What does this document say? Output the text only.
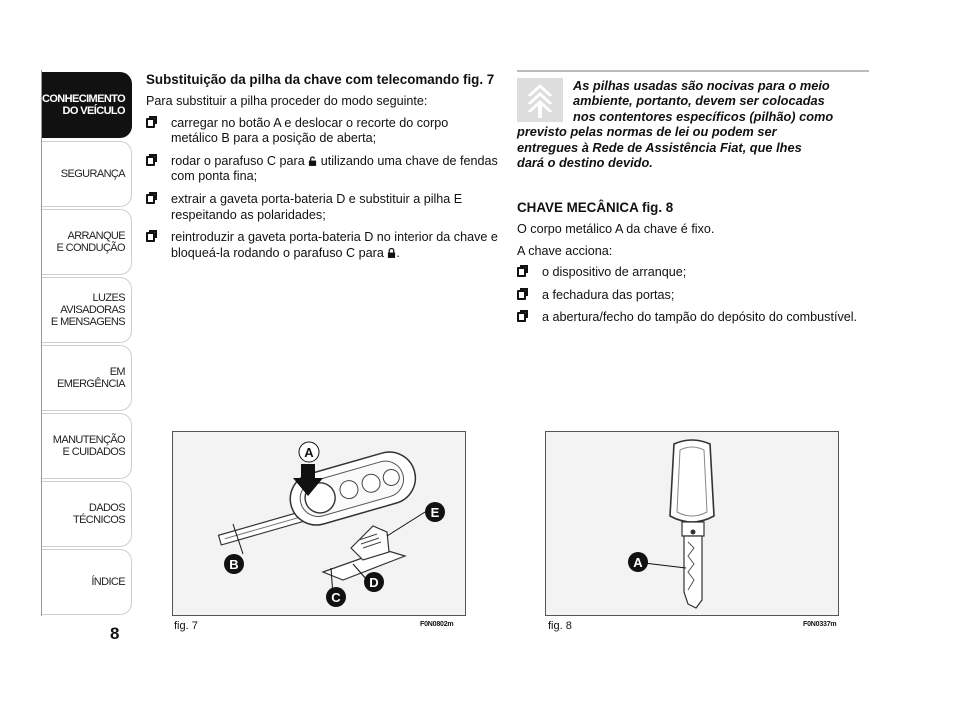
CONHECIMENTO
DO VEÍCULO
SEGURANÇA
ARRANQUE
E CONDUÇÃO
LUZES
AVISADORAS
E MENSAGENS
EM EMERGÊNCIA
MANUTENÇÃO
E CUIDADOS
DADOS
TÉCNICOS
ÍNDICE
8
Substituição da pilha da chave com telecomando fig. 7
Para substituir a pilha proceder do modo seguinte:
carregar no botão A e deslocar o recorte do corpo metálico B para a posição de aberta;
rodar o parafuso C para utilizando uma chave de fendas com ponta fina;
extrair a gaveta porta-bateria D e substituir a pilha E respeitando as polaridades;
reintroduzir a gaveta porta-bateria D no interior da chave e bloqueá-la rodando o parafuso C para .
As pilhas usadas são nocivas para o meio
ambiente, portanto, devem ser colocadas
nos contentores específicos (pilhão) como
previsto pelas normas de lei ou podem ser
entregues à Rede de Assistência Fiat, que lhes
dará o destino devido.
CHAVE MECÂNICA fig. 8
O corpo metálico A da chave é fixo.
A chave acciona:
o dispositivo de arranque;
a fechadura das portas;
a abertura/fecho do tampão do depósito do combustível.
A
B
C
D
E
fig. 7	F0N0802m
A
fig. 8	F0N0337m
